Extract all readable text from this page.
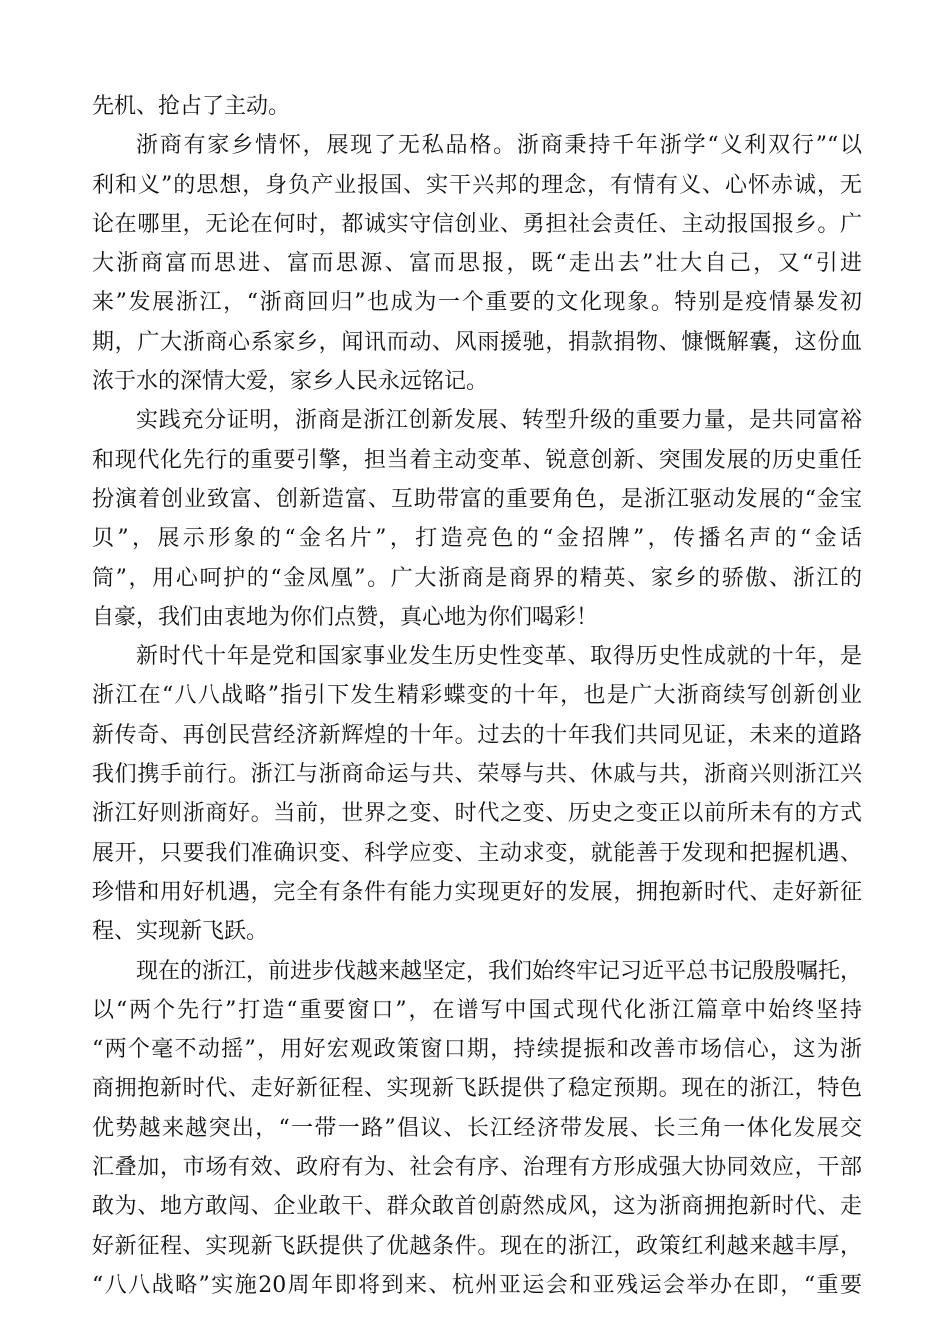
先机、抢占了主动。
浙商有家乡情怀，展现了无私品格。浙商秉持千年浙学“义利双行”“以
利和义”的思想，身负产业报国、实干兴邦的理念，有情有义、心怀赤诚，无
论在哪里，无论在何时，都诚实守信创业、勇担社会责任、主动报国报乡。广
大浙商富而思进、富而思源、富而思报，既“走出去”壮大自己，又“引进
来”发展浙江，“浙商回归”也成为一个重要的文化现象。特别是疫情暴发初
期，广大浙商心系家乡，闻讯而动、风雨援驰，捐款捐物、慷慨解囊，这份血
浓于水的深情大爱，家乡人民永远铭记。
实践充分证明，浙商是浙江创新发展、转型升级的重要力量，是共同富裕
和现代化先行的重要引擎，担当着主动变革、锐意创新、突围发展的历史重任
扮演着创业致富、创新造富、互助带富的重要角色，是浙江驱动发展的“金宝
贝”，展示形象的“金名片”，打造亮色的“金招牌”，传播名声的“金话
筒”，用心呵护的“金凤凰”。广大浙商是商界的精英、家乡的骄傲、浙江的
自豪，我们由衷地为你们点赞，真心地为你们喝彩！
新时代十年是党和国家事业发生历史性变革、取得历史性成就的十年，是
浙江在“八八战略”指引下发生精彩蝶变的十年，也是广大浙商续写创新创业
新传奇、再创民营经济新辉煌的十年。过去的十年我们共同见证，未来的道路
我们携手前行。浙江与浙商命运与共、荣辱与共、休戚与共，浙商兴则浙江兴
浙江好则浙商好。当前，世界之变、时代之变、历史之变正以前所未有的方式
展开，只要我们准确识变、科学应变、主动求变，就能善于发现和把握机遇、
珍惜和用好机遇，完全有条件有能力实现更好的发展，拥抱新时代、走好新征
程、实现新飞跃。
现在的浙江，前进步伐越来越坚定，我们始终牢记习近平总书记殷殷嘱托，
以“两个先行”打造“重要窗口”，在谱写中国式现代化浙江篇章中始终坚持
“两个毫不动摇”，用好宏观政策窗口期，持续提振和改善市场信心，这为浙
商拥抱新时代、走好新征程、实现新飞跃提供了稳定预期。现在的浙江，特色
优势越来越突出，“一带一路”倡议、长江经济带发展、长三角一体化发展交
汇叠加，市场有效、政府有为、社会有序、治理有方形成强大协同效应，干部
敢为、地方敢闯、企业敢干、群众敢首创蔚然成风，这为浙商拥抱新时代、走
好新征程、实现新飞跃提供了优越条件。现在的浙江，政策红利越来越丰厚，
“八八战略”实施20周年即将到来、杭州亚运会和亚残运会举办在即，“重要
